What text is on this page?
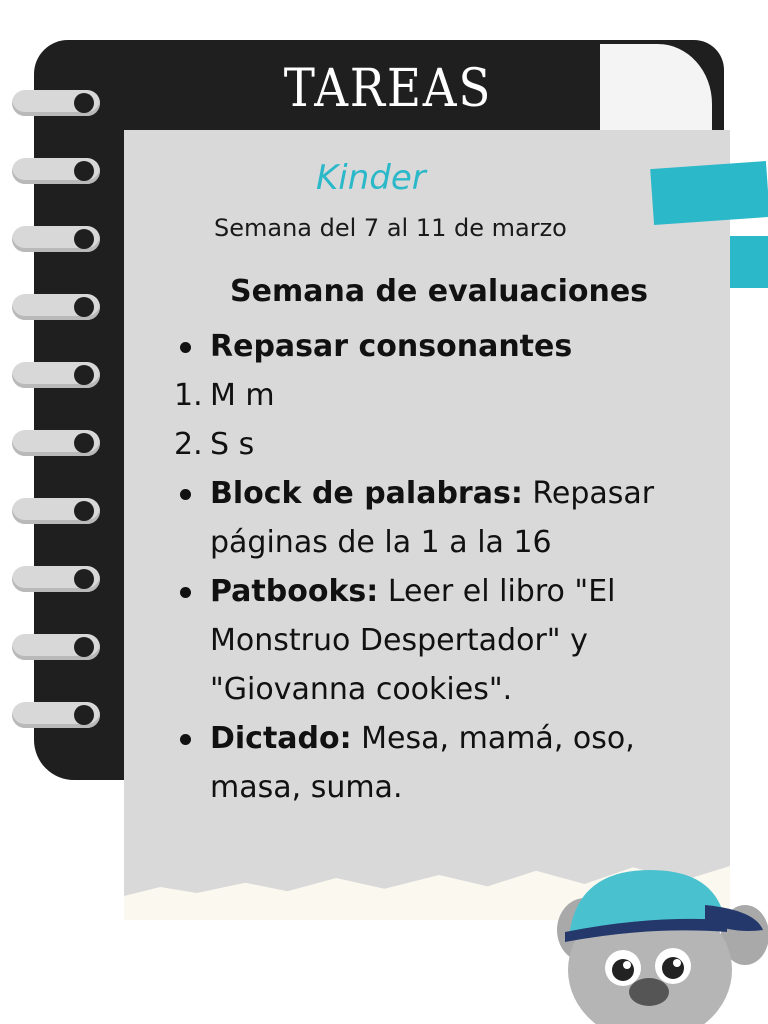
TAREAS
Kinder
Semana del 7 al 11 de marzo
Semana de evaluaciones
Repasar consonantes
1. M m
2. S s
Block de palabras: Repasar páginas de la 1 a la 16
Patbooks: Leer el libro "El Monstruo Despertador" y "Giovanna cookies".
Dictado: Mesa, mamá, oso, masa, suma.
